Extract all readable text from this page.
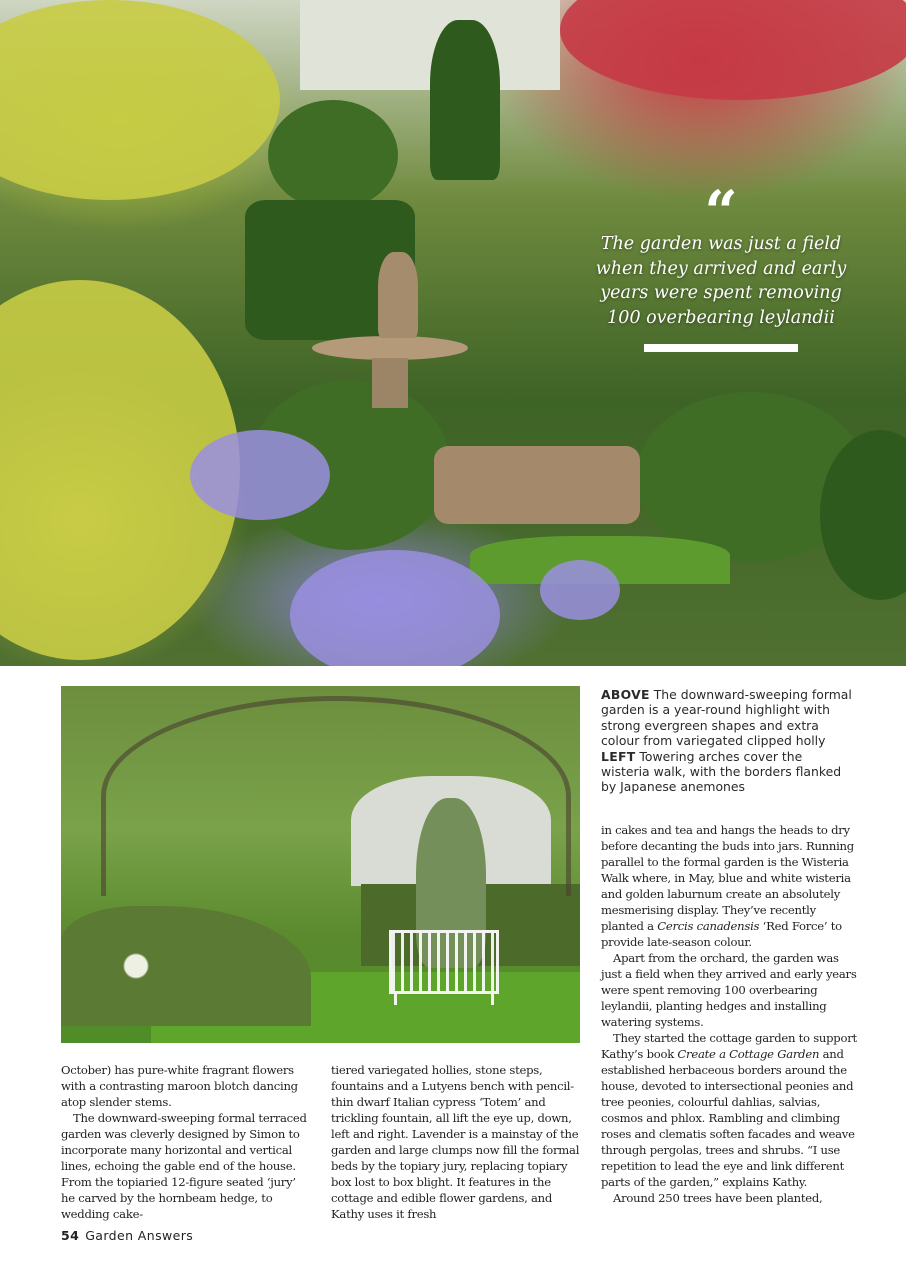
“
The garden was just a field when they arrived and early years were spent removing 100 overbearing leylandii
ABOVE The downward-sweeping formal garden is a year-round highlight with strong evergreen shapes and extra colour from variegated clipped holly
LEFT Towering arches cover the wisteria walk, with the borders flanked by Japanese anemones

October) has pure-white fragrant flowers with a contrasting maroon blotch dancing atop slender stems.

The downward-sweeping formal terraced garden was cleverly designed by Simon to incorporate many horizontal and vertical lines, echoing the gable end of the house. From the topiaried 12-figure seated ‘jury’ he carved by the hornbeam hedge, to wedding cake-

tiered variegated hollies, stone steps, fountains and a Lutyens bench with pencil-thin dwarf Italian cypress ‘Totem’ and trickling fountain, all lift the eye up, down, left and right. Lavender is a mainstay of the garden and large clumps now fill the formal beds by the topiary jury, replacing topiary box lost to box blight. It features in the cottage and edible flower gardens, and Kathy uses it fresh

in cakes and tea and hangs the heads to dry before decanting the buds into jars. Running parallel to the formal garden is the Wisteria Walk where, in May, blue and white wisteria and golden laburnum create an absolutely mesmerising display. They’ve recently planted a Cercis canadensis ‘Red Force’ to provide late-season colour.

Apart from the orchard, the garden was just a field when they arrived and early years were spent removing 100 overbearing leylandii, planting hedges and installing watering systems.

They started the cottage garden to support Kathy’s book Create a Cottage Garden and established herbaceous borders around the house, devoted to intersectional peonies and tree peonies, colourful dahlias, salvias, cosmos and phlox. Rambling and climbing roses and clematis soften facades and weave through pergolas, trees and shrubs. “I use repetition to lead the eye and link different parts of the garden,” explains Kathy.

Around 250 trees have been planted,

54 Garden Answers
